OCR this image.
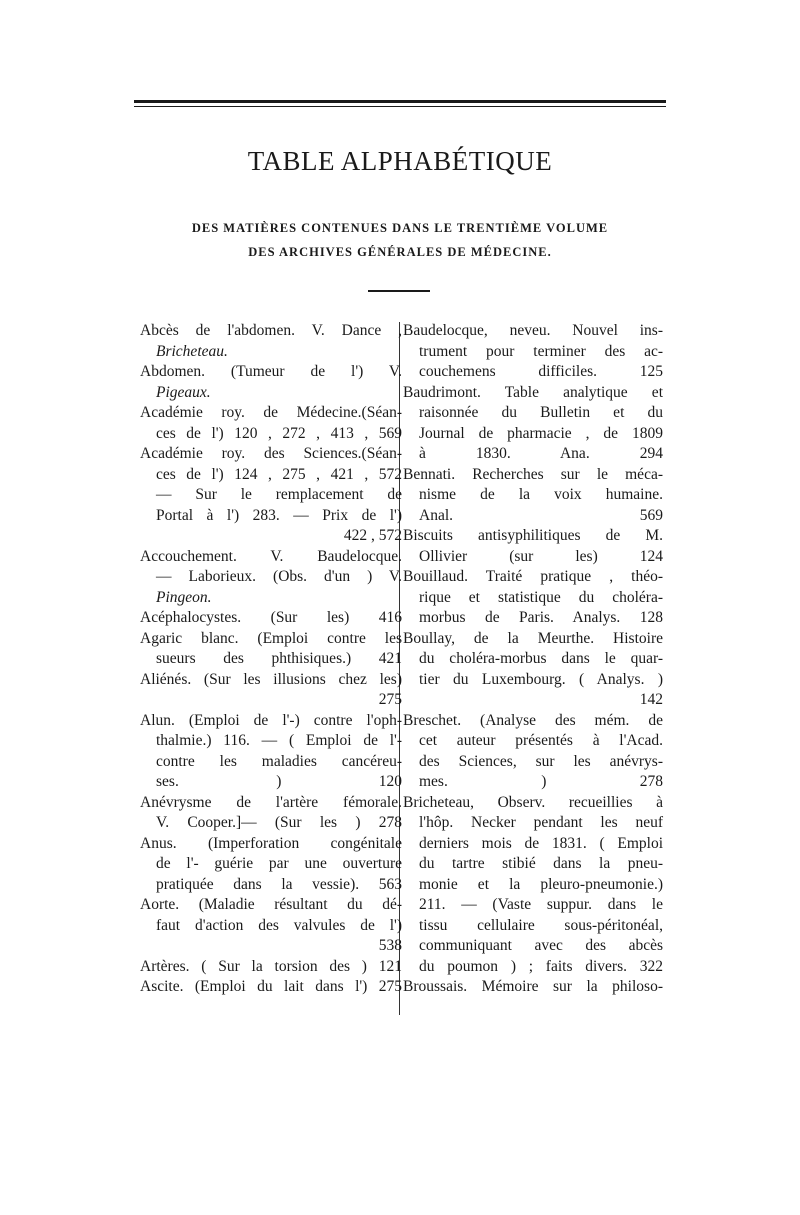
TABLE ALPHABÉTIQUE
DES MATIÈRES CONTENUES DANS LE TRENTIÈME VOLUME
DES ARCHIVES GÉNÉRALES DE MÉDECINE.
Abcès de l'abdomen. V. Dance ,
Bricheteau.
Abdomen. (Tumeur de l') V.
Pigeaux.
Académie roy. de Médecine.(Séan-
ces de l') 120 , 272 , 413 , 569
Académie roy. des Sciences.(Séan-
ces de l') 124 , 275 , 421 , 572
— Sur le remplacement de
Portal à l') 283. — Prix de l')
422 , 572
Accouchement. V. Baudelocque.
— Laborieux. (Obs. d'un ) V.
Pingeon.
Acéphalocystes. (Sur les) 416
Agaric blanc. (Emploi contre les
sueurs des phthisiques.) 421
Aliénés. (Sur les illusions chez les)
275
Alun. (Emploi de l'-) contre l'oph-
thalmie.) 116. — ( Emploi de l'-
contre les maladies cancéreu-
ses. ) 120
Anévrysme de l'artère fémorale.
V. Cooper.]— (Sur les ) 278
Anus. (Imperforation congénitale
de l'- guérie par une ouverture
pratiquée dans la vessie). 563
Aorte. (Maladie résultant du dé-
faut d'action des valvules de l')
538
Artères. ( Sur la torsion des ) 121
Ascite. (Emploi du lait dans l') 275
Baudelocque, neveu. Nouvel ins-
trument pour terminer des ac-
couchemens difficiles. 125
Baudrimont. Table analytique et
raisonnée du Bulletin et du
Journal de pharmacie , de 1809
à 1830. Ana. 294
Bennati. Recherches sur le méca-
nisme de la voix humaine.
Anal. 569
Biscuits antisyphilitiques de M.
Ollivier (sur les) 124
Bouillaud. Traité pratique , théo-
rique et statistique du choléra-
morbus de Paris. Analys. 128
Boullay, de la Meurthe. Histoire
du choléra-morbus dans le quar-
tier du Luxembourg. ( Analys. )
142
Breschet. (Analyse des mém. de
cet auteur présentés à l'Acad.
des Sciences, sur les anévrys-
mes. ) 278
Bricheteau, Observ. recueillies à
l'hôp. Necker pendant les neuf
derniers mois de 1831. ( Emploi
du tartre stibié dans la pneu-
monie et la pleuro-pneumonie.)
211. — (Vaste suppur. dans le
tissu cellulaire sous-péritonéal,
communiquant avec des abcès
du poumon ) ; faits divers. 322
Broussais. Mémoire sur la philoso-
